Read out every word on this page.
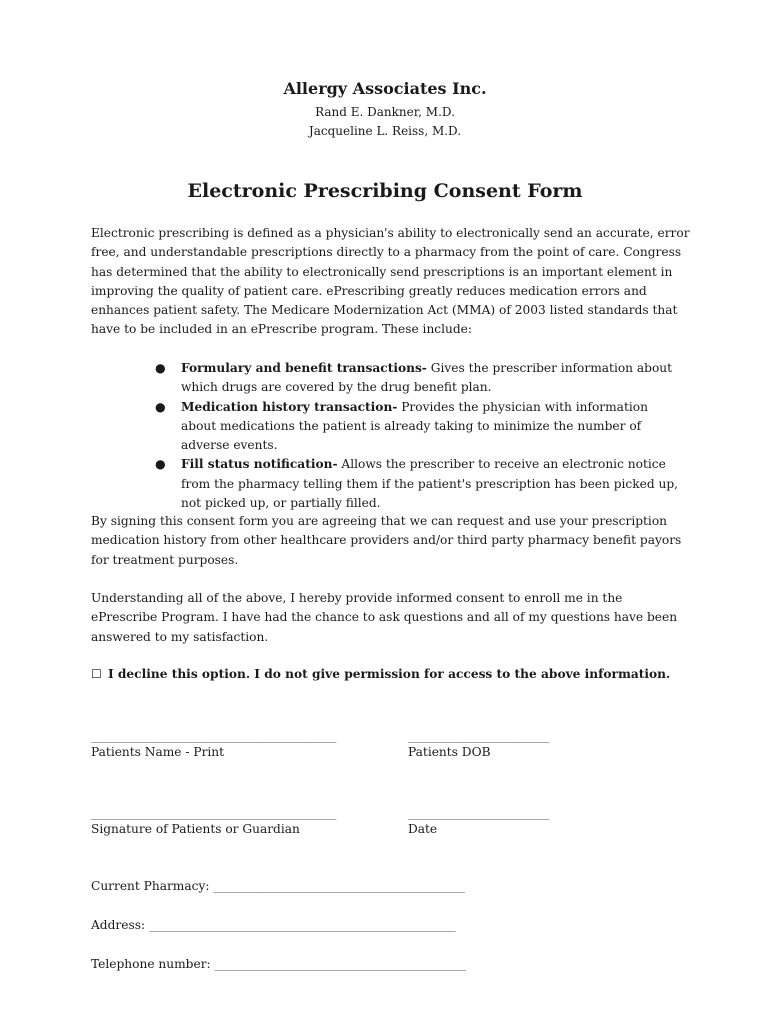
Allergy Associates Inc.
Rand E. Dankner, M.D.
Jacqueline L. Reiss, M.D.
Electronic Prescribing Consent Form

Electronic prescribing is defined as a physician's ability to electronically send an accurate, error free, and understandable prescriptions directly to a pharmacy from the point of care. Congress has determined that the ability to electronically send prescriptions is an important element in improving the quality of patient care. ePrescribing greatly reduces medication errors and enhances patient safety. The Medicare Modernization Act (MMA) of 2003 listed standards that have to be included in an ePrescribe program. These include:

● Formulary and benefit transactions- Gives the prescriber information about which drugs are covered by the drug benefit plan.
● Medication history transaction- Provides the physician with information about medications the patient is already taking to minimize the number of adverse events.
● Fill status notification- Allows the prescriber to receive an electronic notice from the pharmacy telling them if the patient's prescription has been picked up, not picked up, or partially filled.

By signing this consent form you are agreeing that we can request and use your prescription medication history from other healthcare providers and/or third party pharmacy benefit payors for treatment purposes.

Understanding all of the above, I hereby provide informed consent to enroll me in the ePrescribe Program. I have had the chance to ask questions and all of my questions have been answered to my satisfaction.

☐ I decline this option. I do not give permission for access to the above information.
________________________________________
Patients Name - Print
_______________________
Patients DOB
________________________________________
Signature of Patients or Guardian
_______________________
Date
Current Pharmacy: _________________________________________
Address: __________________________________________________
Telephone number: _________________________________________
